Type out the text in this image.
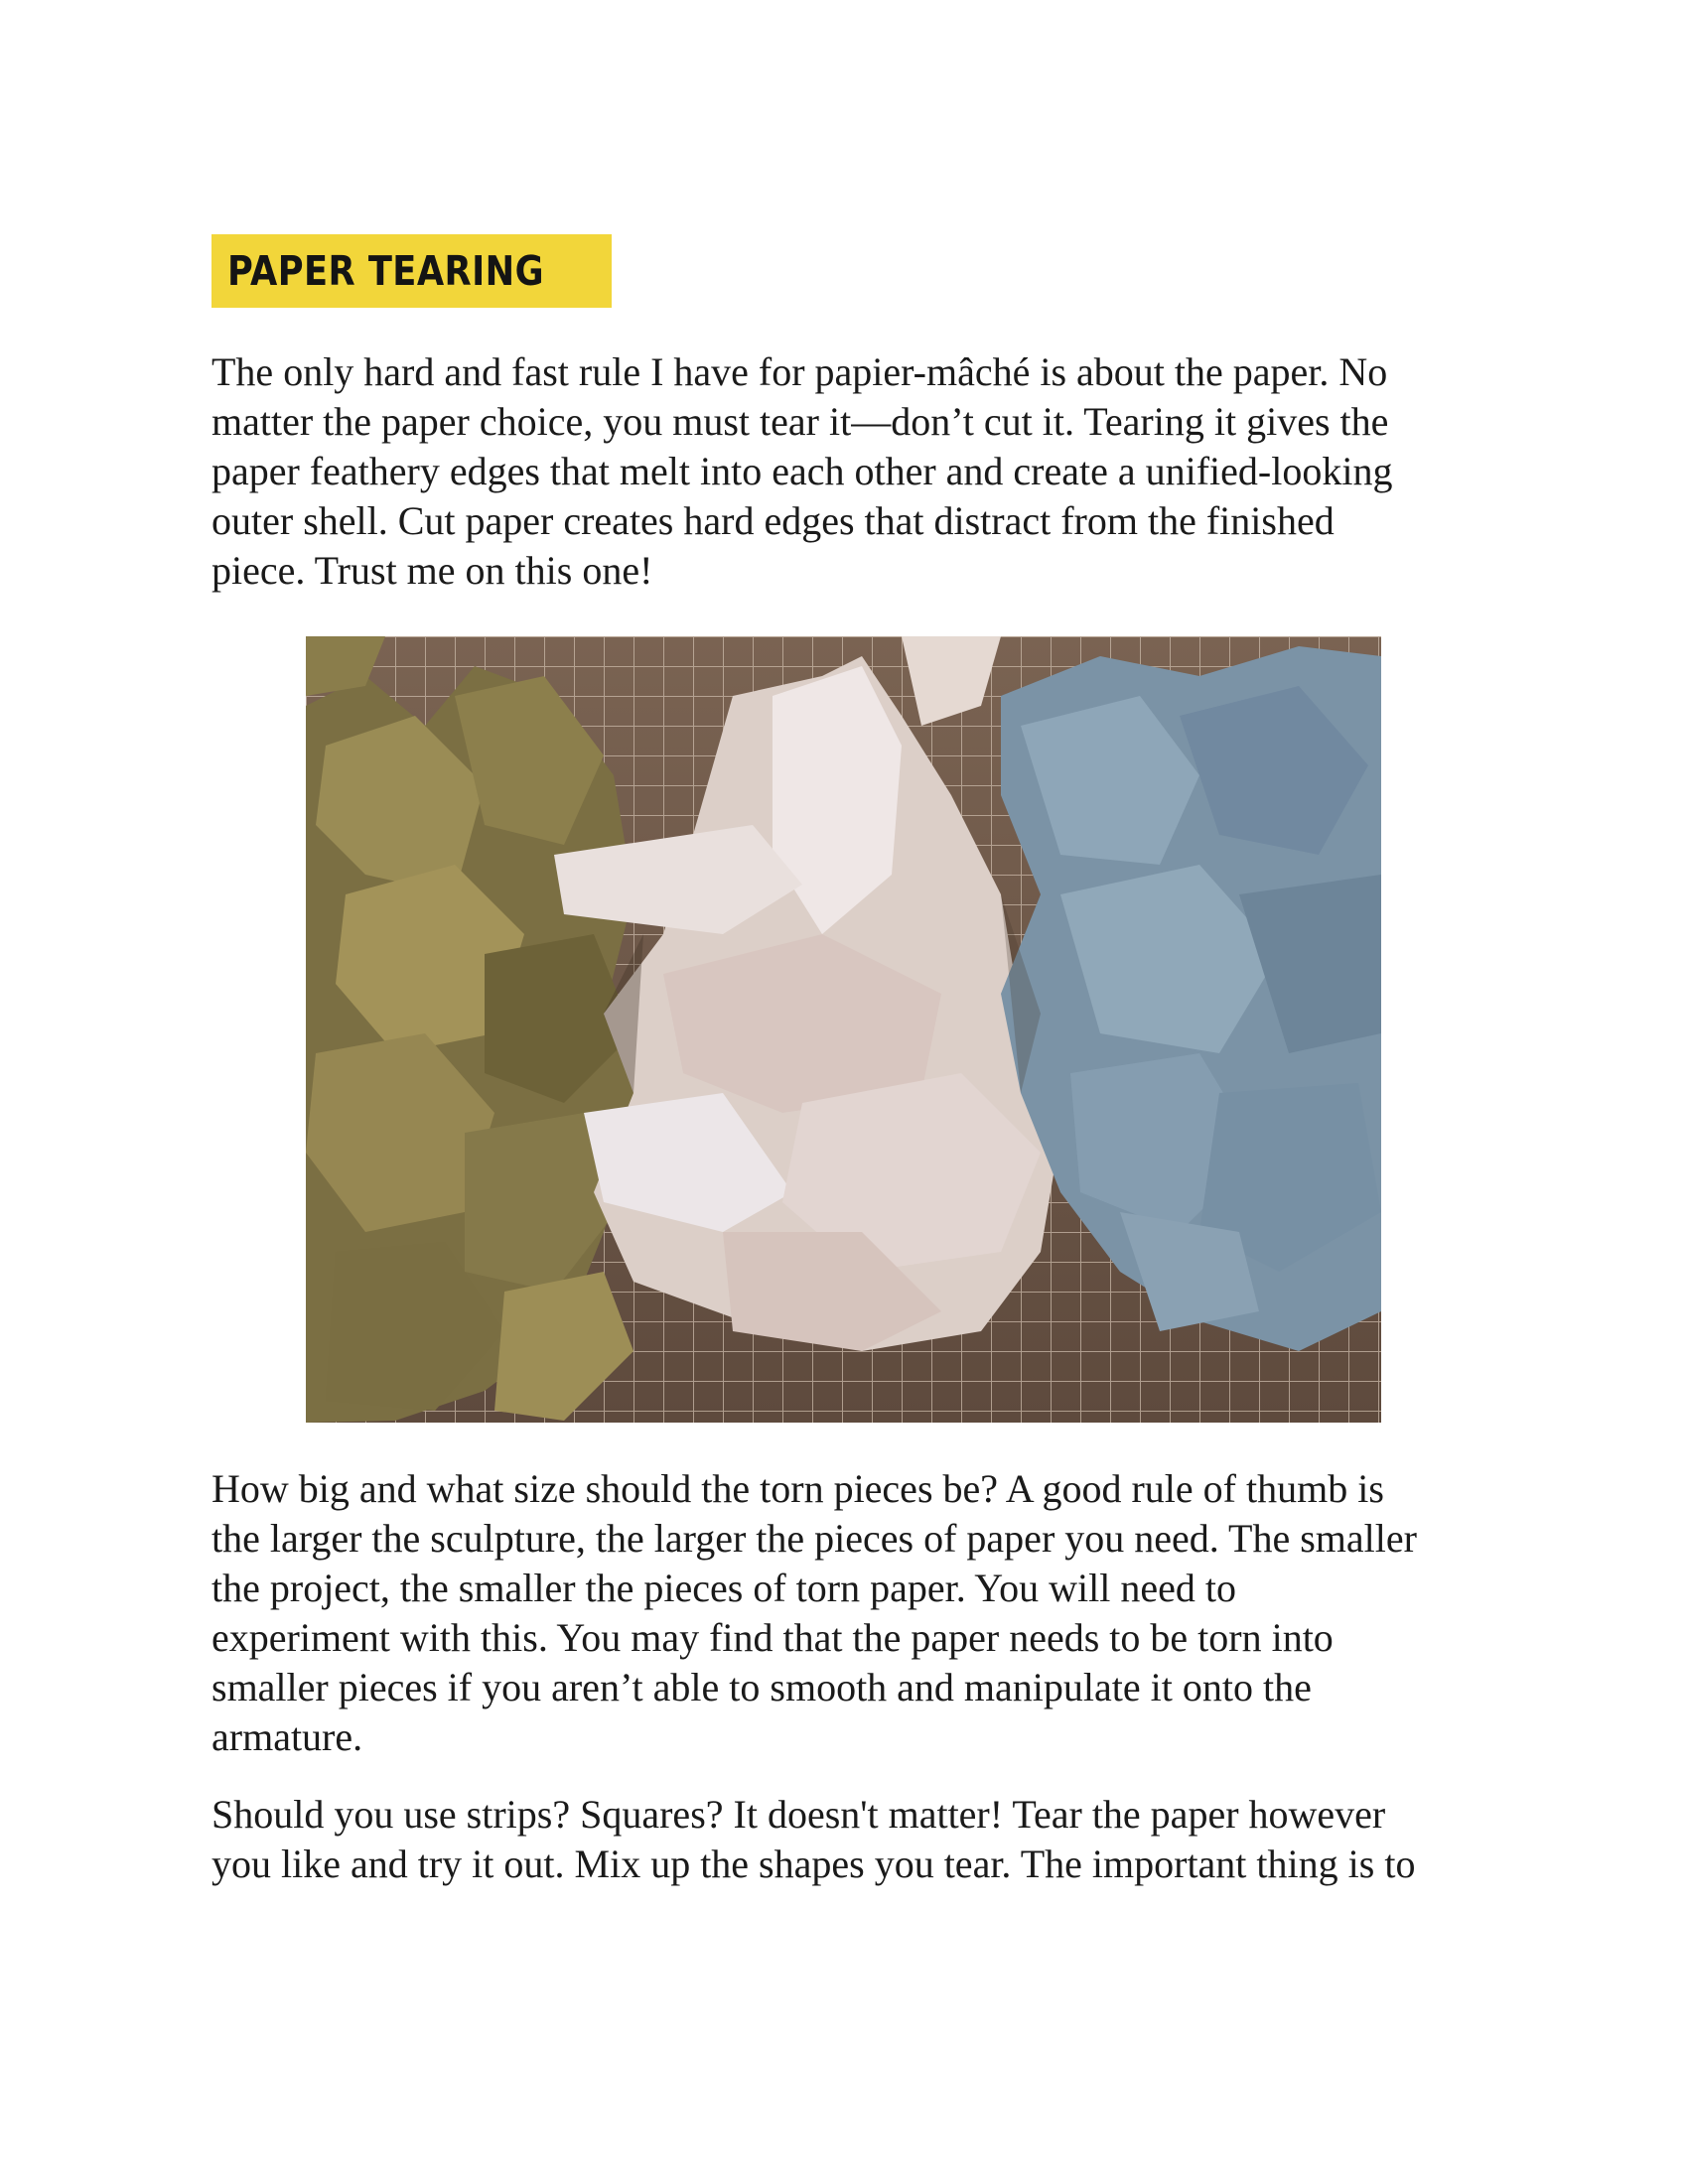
PAPER TEARING

The only hard and fast rule I have for papier-mâché is about the paper. No
matter the paper choice, you must tear it—don’t cut it. Tearing it gives the
paper feathery edges that melt into each other and create a unified-looking
outer shell. Cut paper creates hard edges that distract from the finished
piece. Trust me on this one!

How big and what size should the torn pieces be? A good rule of thumb is
the larger the sculpture, the larger the pieces of paper you need. The smaller
the project, the smaller the pieces of torn paper. You will need to
experiment with this. You may find that the paper needs to be torn into
smaller pieces if you aren’t able to smooth and manipulate it onto the
armature.

Should you use strips? Squares? It doesn't matter! Tear the paper however
you like and try it out. Mix up the shapes you tear. The important thing is to
